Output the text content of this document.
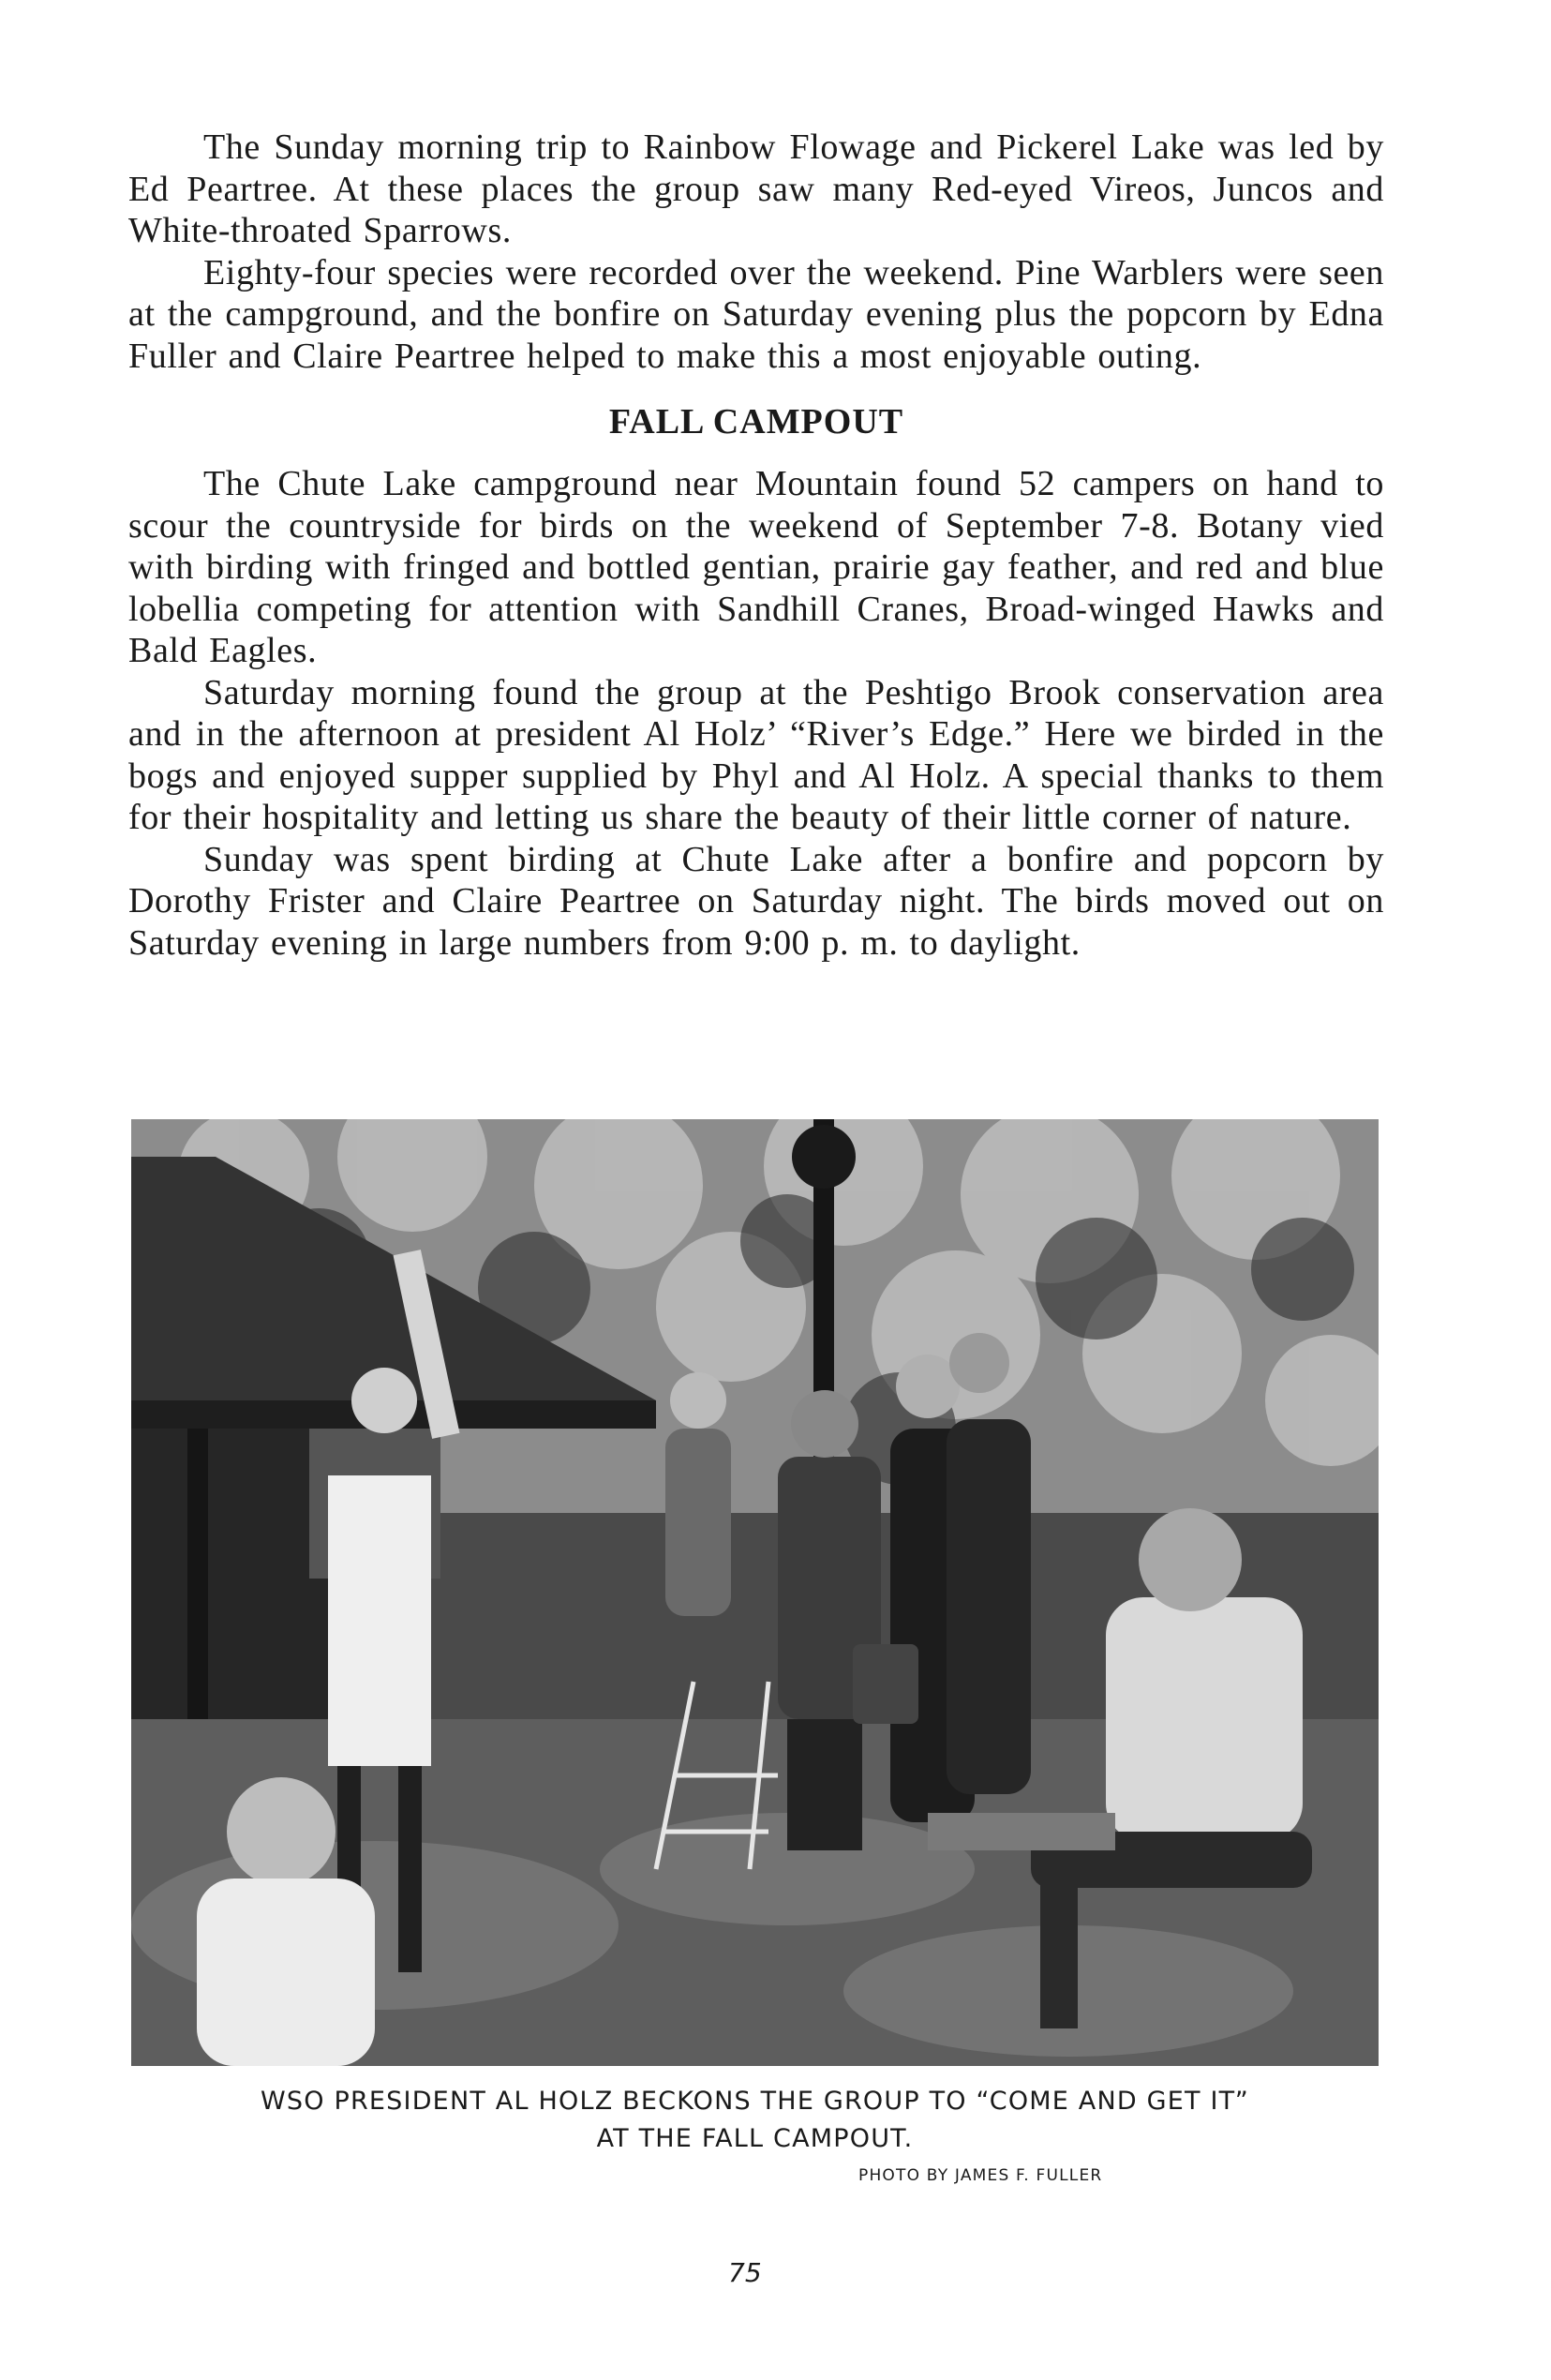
The Sunday morning trip to Rainbow Flowage and Pickerel Lake was led by Ed Peartree. At these places the group saw many Red-eyed Vireos, Juncos and White-throated Sparrows.

Eighty-four species were recorded over the weekend. Pine Warblers were seen at the campground, and the bonfire on Saturday evening plus the popcorn by Edna Fuller and Claire Peartree helped to make this a most enjoyable outing.

FALL CAMPOUT

The Chute Lake campground near Mountain found 52 campers on hand to scour the countryside for birds on the weekend of September 7-8. Botany vied with birding with fringed and bottled gentian, prairie gay feather, and red and blue lobellia competing for attention with Sandhill Cranes, Broad-winged Hawks and Bald Eagles.

Saturday morning found the group at the Peshtigo Brook conservation area and in the afternoon at president Al Holz’ “River’s Edge.” Here we birded in the bogs and enjoyed supper supplied by Phyl and Al Holz. A special thanks to them for their hospitality and letting us share the beauty of their little corner of nature.

Sunday was spent birding at Chute Lake after a bonfire and popcorn by Dorothy Frister and Claire Peartree on Saturday night. The birds moved out on Saturday evening in large numbers from 9:00 p. m. to daylight.

WSO PRESIDENT AL HOLZ BECKONS THE GROUP TO “COME AND GET IT”
AT THE FALL CAMPOUT.
PHOTO BY JAMES F. FULLER
75
